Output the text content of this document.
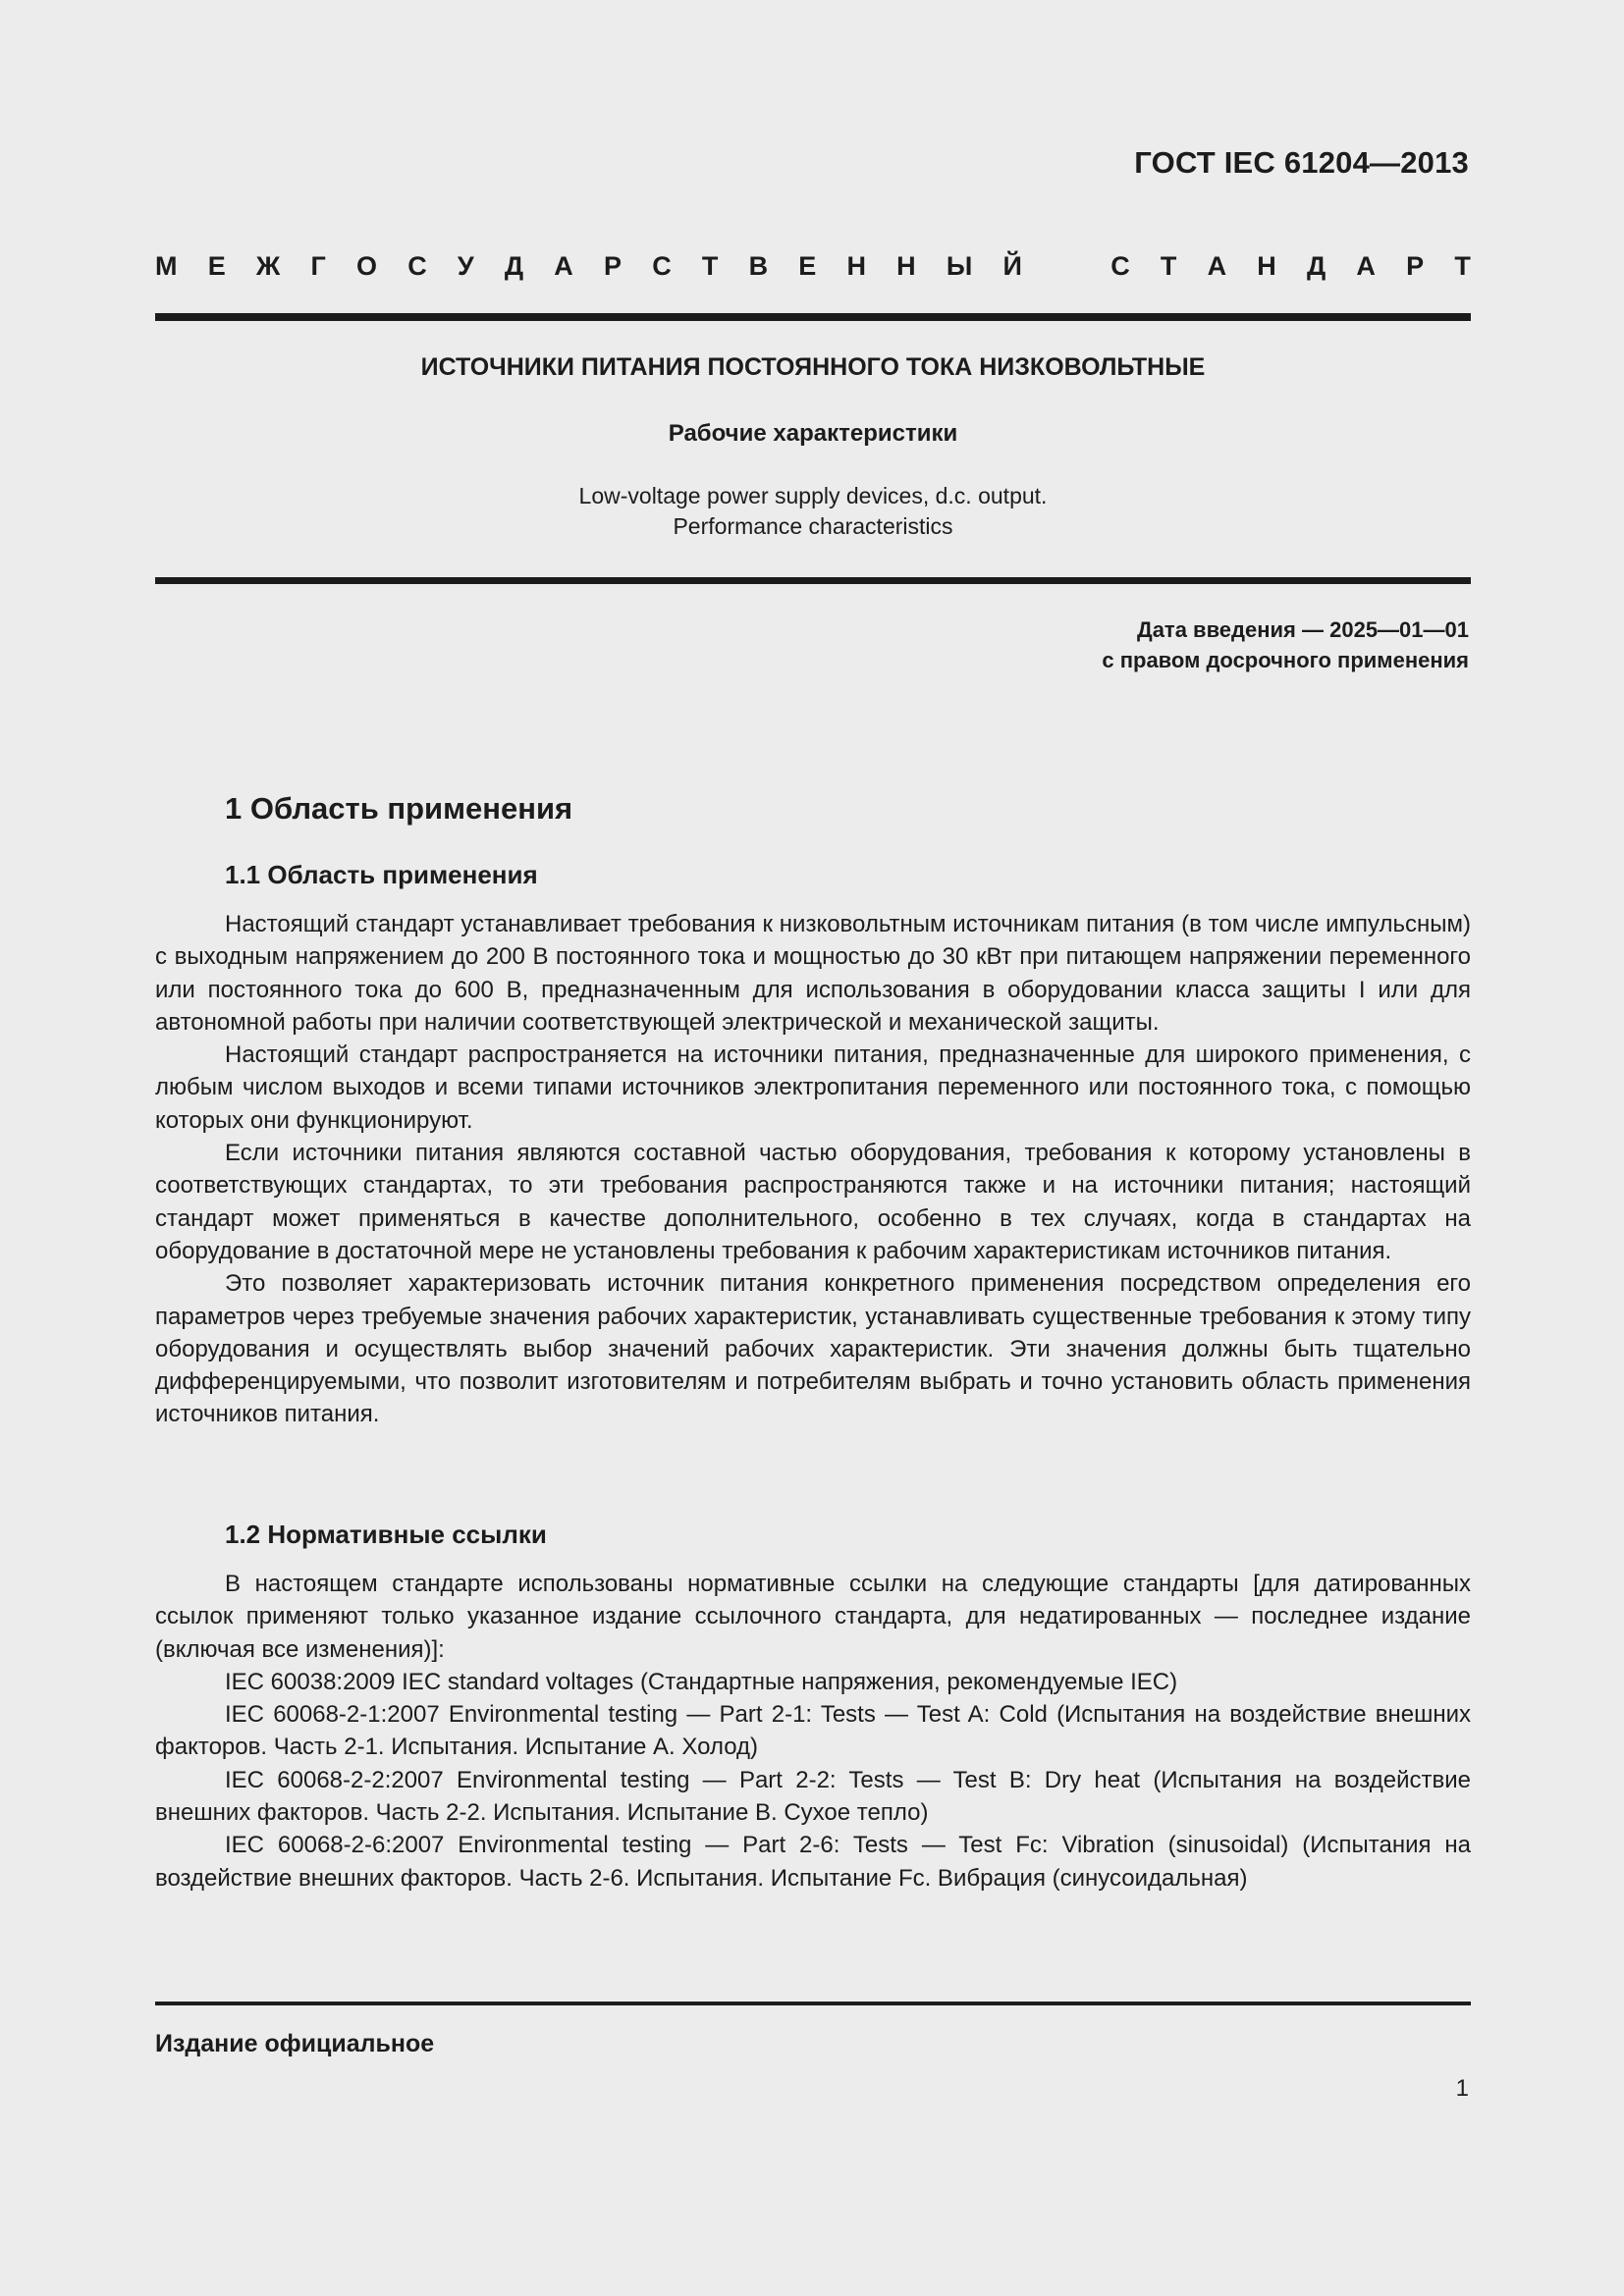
ГОСТ IEC 61204—2013
М Е Ж Г О С У Д А Р С Т В Е Н Н Ы Й	С Т А Н Д А Р Т
ИСТОЧНИКИ ПИТАНИЯ ПОСТОЯННОГО ТОКА НИЗКОВОЛЬТНЫЕ
Рабочие характеристики
Low-voltage power supply devices, d.c. output.
Performance characteristics
Дата введения — 2025—01—01
с правом досрочного применения
1 Область применения
1.1 Область применения

Настоящий стандарт устанавливает требования к низковольтным источникам питания (в том числе импульсным) с выходным напряжением до 200 В постоянного тока и мощностью до 30 кВт при питающем напряжении переменного или постоянного тока до 600 В, предназначенным для использования в оборудовании класса защиты I или для автономной работы при наличии соответствующей электрической и механической защиты.

Настоящий стандарт распространяется на источники питания, предназначенные для широкого применения, с любым числом выходов и всеми типами источников электропитания переменного или постоянного тока, с помощью которых они функционируют.

Если источники питания являются составной частью оборудования, требования к которому установлены в соответствующих стандартах, то эти требования распространяются также и на источники питания; настоящий стандарт может применяться в качестве дополнительного, особенно в тех случаях, когда в стандартах на оборудование в достаточной мере не установлены требования к рабочим характеристикам источников питания.

Это позволяет характеризовать источник питания конкретного применения посредством определения его параметров через требуемые значения рабочих характеристик, устанавливать существенные требования к этому типу оборудования и осуществлять выбор значений рабочих характеристик. Эти значения должны быть тщательно дифференцируемыми, что позволит изготовителям и потребителям выбрать и точно установить область применения источников питания.

1.2 Нормативные ссылки

В настоящем стандарте использованы нормативные ссылки на следующие стандарты [для датированных ссылок применяют только указанное издание ссылочного стандарта, для недатированных — последнее издание (включая все изменения)]:

IEC 60038:2009 IEC standard voltages (Стандартные напряжения, рекомендуемые IEC)

IEC 60068-2-1:2007 Environmental testing — Part 2-1: Tests — Test A: Cold (Испытания на воздействие внешних факторов. Часть 2-1. Испытания. Испытание А. Холод)

IEC 60068-2-2:2007 Environmental testing — Part 2-2: Tests — Test B: Dry heat (Испытания на воздействие внешних факторов. Часть 2-2. Испытания. Испытание В. Сухое тепло)

IEC 60068-2-6:2007 Environmental testing — Part 2-6: Tests — Test Fc: Vibration (sinusoidal) (Испытания на воздействие внешних факторов. Часть 2-6. Испытания. Испытание Fc. Вибрация (синусоидальная)

Издание официальное
1
